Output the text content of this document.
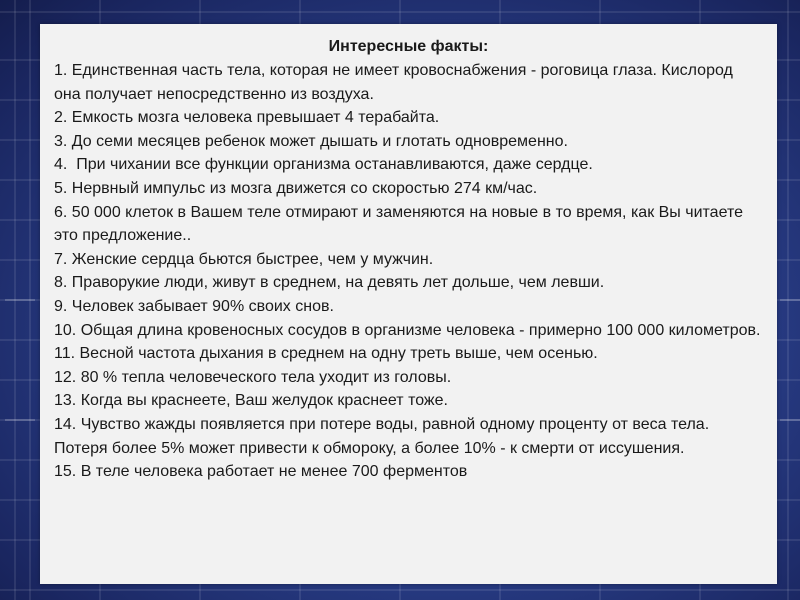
Интересные факты:
1. Единственная часть тела, которая не имеет кровоснабжения - роговица глаза. Кислород она получает непосредственно из воздуха.
2. Емкость мозга человека превышает 4 терабайта.
3. До семи месяцев ребенок может дышать и глотать одновременно.
4.  При чихании все функции организма останавливаются, даже сердце.
5. Нервный импульс из мозга движется со скоростью 274 км/час.
6. 50 000 клеток в Вашем теле отмирают и заменяются на новые в то время, как Вы читаете это предложение..
7. Женские сердца бьются быстрее, чем у мужчин.
8. Праворукие люди, живут в среднем, на девять лет дольше, чем левши.
9. Человек забывает 90% своих снов.
10. Общая длина кровеносных сосудов в организме человека - примерно 100 000 километров.
11. Весной частота дыхания в среднем на одну треть выше, чем осенью.
12. 80 % тепла человеческого тела уходит из головы.
13. Когда вы краснеете, Ваш желудок краснеет тоже.
14. Чувство жажды появляется при потере воды, равной одному проценту от веса тела. Потеря более 5% может привести к обмороку, а более 10% - к смерти от иссушения.
15. В теле человека работает не менее 700 ферментов
